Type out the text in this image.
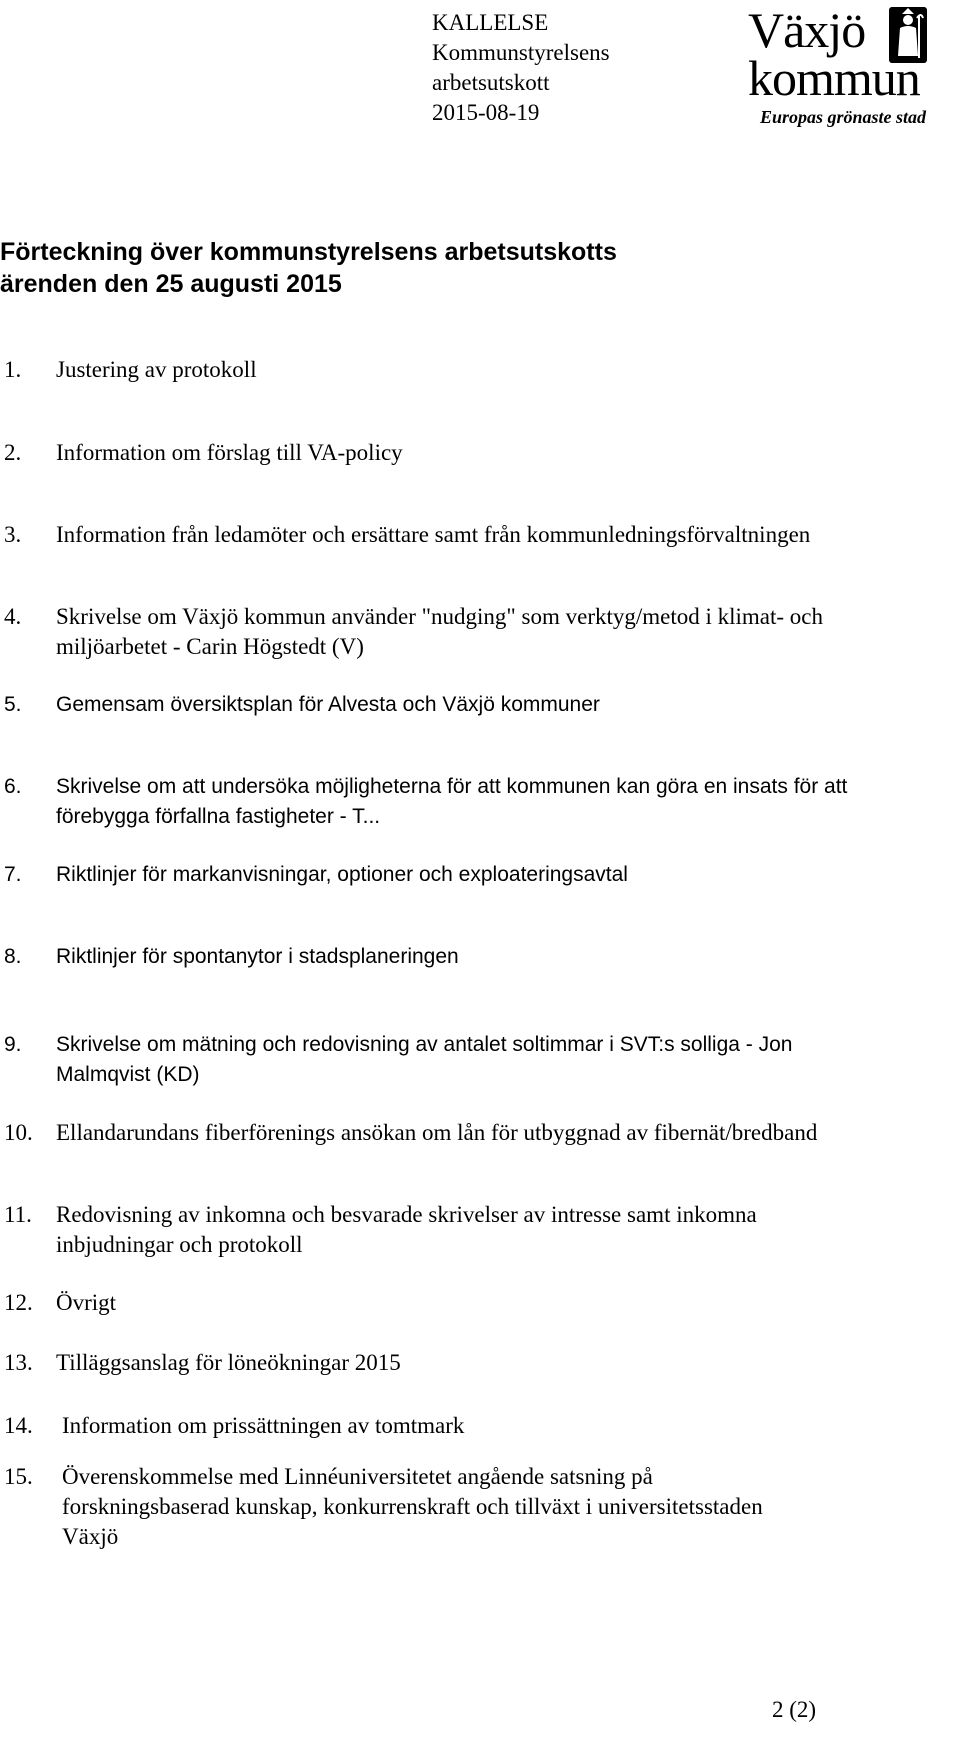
KALLELSE
Kommunstyrelsens
arbetsutskott
2015-08-19
Växjö
kommun
Europas grönaste stad
Förteckning över kommunstyrelsens arbetsutskotts
ärenden den 25 augusti 2015
1. Justering av protokoll
2. Information om förslag till VA-policy
3. Information från ledamöter och ersättare samt från kommunledningsförvaltningen
4. Skrivelse om Växjö kommun använder "nudging" som verktyg/metod i klimat- och
miljöarbetet - Carin Högstedt (V)
5. Gemensam översiktsplan för Alvesta och Växjö kommuner
6. Skrivelse om att undersöka möjligheterna för att kommunen kan göra en insats för att
förebygga förfallna fastigheter - T...
7. Riktlinjer för markanvisningar, optioner och exploateringsavtal
8. Riktlinjer för spontanytor i stadsplaneringen
9. Skrivelse om mätning och redovisning av antalet soltimmar i SVT:s solliga - Jon
Malmqvist (KD)
10. Ellandarundans fiberförenings ansökan om lån för utbyggnad av fibernät/bredband
11. Redovisning av inkomna och besvarade skrivelser av intresse samt inkomna
inbjudningar och protokoll
12. Övrigt
13. Tilläggsanslag för löneökningar 2015
14. Information om prissättningen av tomtmark
15. Överenskommelse med Linnéuniversitetet angående satsning på
forskningsbaserad kunskap, konkurrenskraft och tillväxt i universitetsstaden
Växjö
2 (2)
